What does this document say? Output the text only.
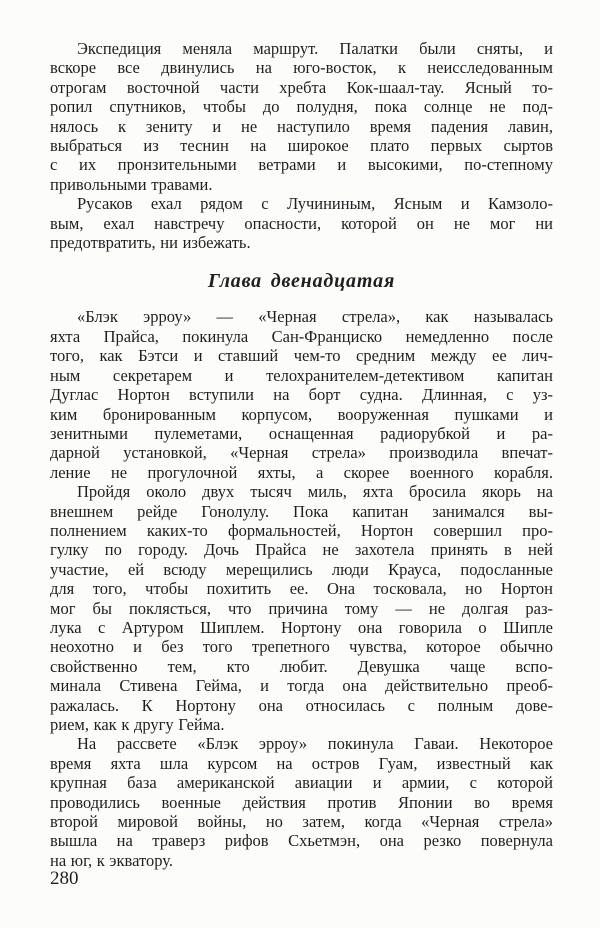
Экспедиция меняла маршрут. Палатки были сняты, и
вскоре все двинулись на юго-восток, к неисследованным
отрогам восточной части хребта Кок-шаал-тау. Ясный то-
ропил спутников, чтобы до полудня, пока солнце не под-
нялось к зениту и не наступило время падения лавин,
выбраться из теснин на широкое плато первых сыртов
с их пронзительными ветрами и высокими, по-степному
привольными травами.
Русаков ехал рядом с Лучининым, Ясным и Камзоло-
вым, ехал навстречу опасности, которой он не мог ни
предотвратить, ни избежать.
Глава двенадцатая
«Блэк эрроу» — «Черная стрела», как называлась
яхта Прайса, покинула Сан-Франциско немедленно после
того, как Бэтси и ставший чем-то средним между ее лич-
ным секретарем и телохранителем-детективом капитан
Дуглас Нортон вступили на борт судна. Длинная, с уз-
ким бронированным корпусом, вооруженная пушками и
зенитными пулеметами, оснащенная радиорубкой и ра-
дарной установкой, «Черная стрела» производила впечат-
ление не прогулочной яхты, а скорее военного корабля.
Пройдя около двух тысяч миль, яхта бросила якорь на
внешнем рейде Гонолулу. Пока капитан занимался вы-
полнением каких-то формальностей, Нортон совершил про-
гулку по городу. Дочь Прайса не захотела принять в ней
участие, ей всюду мерещились люди Крауса, подосланные
для того, чтобы похитить ее. Она тосковала, но Нортон
мог бы поклясться, что причина тому — не долгая раз-
лука с Артуром Шиплем. Нортону она говорила о Шипле
неохотно и без того трепетного чувства, которое обычно
свойственно тем, кто любит. Девушка чаще вспо-
минала Стивена Гейма, и тогда она действительно преоб-
ражалась. К Нортону она относилась с полным дове-
рием, как к другу Гейма.
На рассвете «Блэк эрроу» покинула Гаваи. Некоторое
время яхта шла курсом на остров Гуам, известный как
крупная база американской авиации и армии, с которой
проводились военные действия против Японии во время
второй мировой войны, но затем, когда «Черная стрела»
вышла на траверз рифов Схьетмэн, она резко повернула
на юг, к экватору.
280
